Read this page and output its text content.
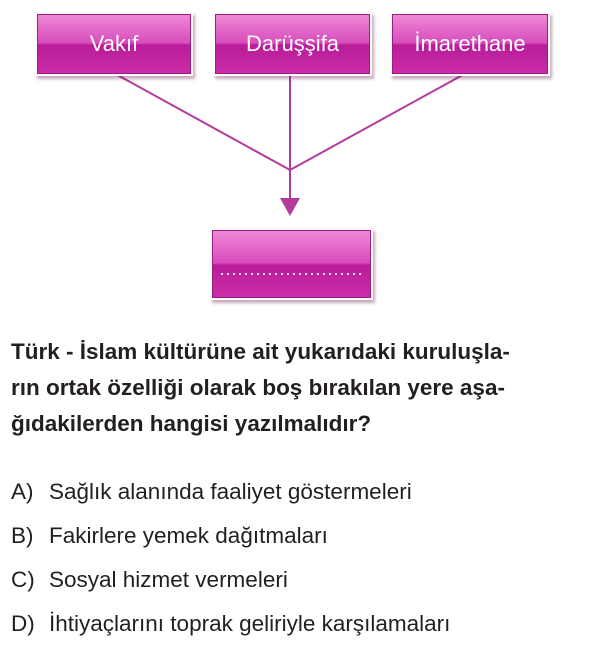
Vakıf	Darüşşifa	İmarethane
........................
Türk - İslam kültürüne ait yukarıdaki kuruluşla-
rın ortak özelliği olarak boş bırakılan yere aşa-
ğıdakilerden hangisi yazılmalıdır?
A) Sağlık alanında faaliyet göstermeleri
B) Fakirlere yemek dağıtmaları
C) Sosyal hizmet vermeleri
D) İhtiyaçlarını toprak geliriyle karşılamaları
